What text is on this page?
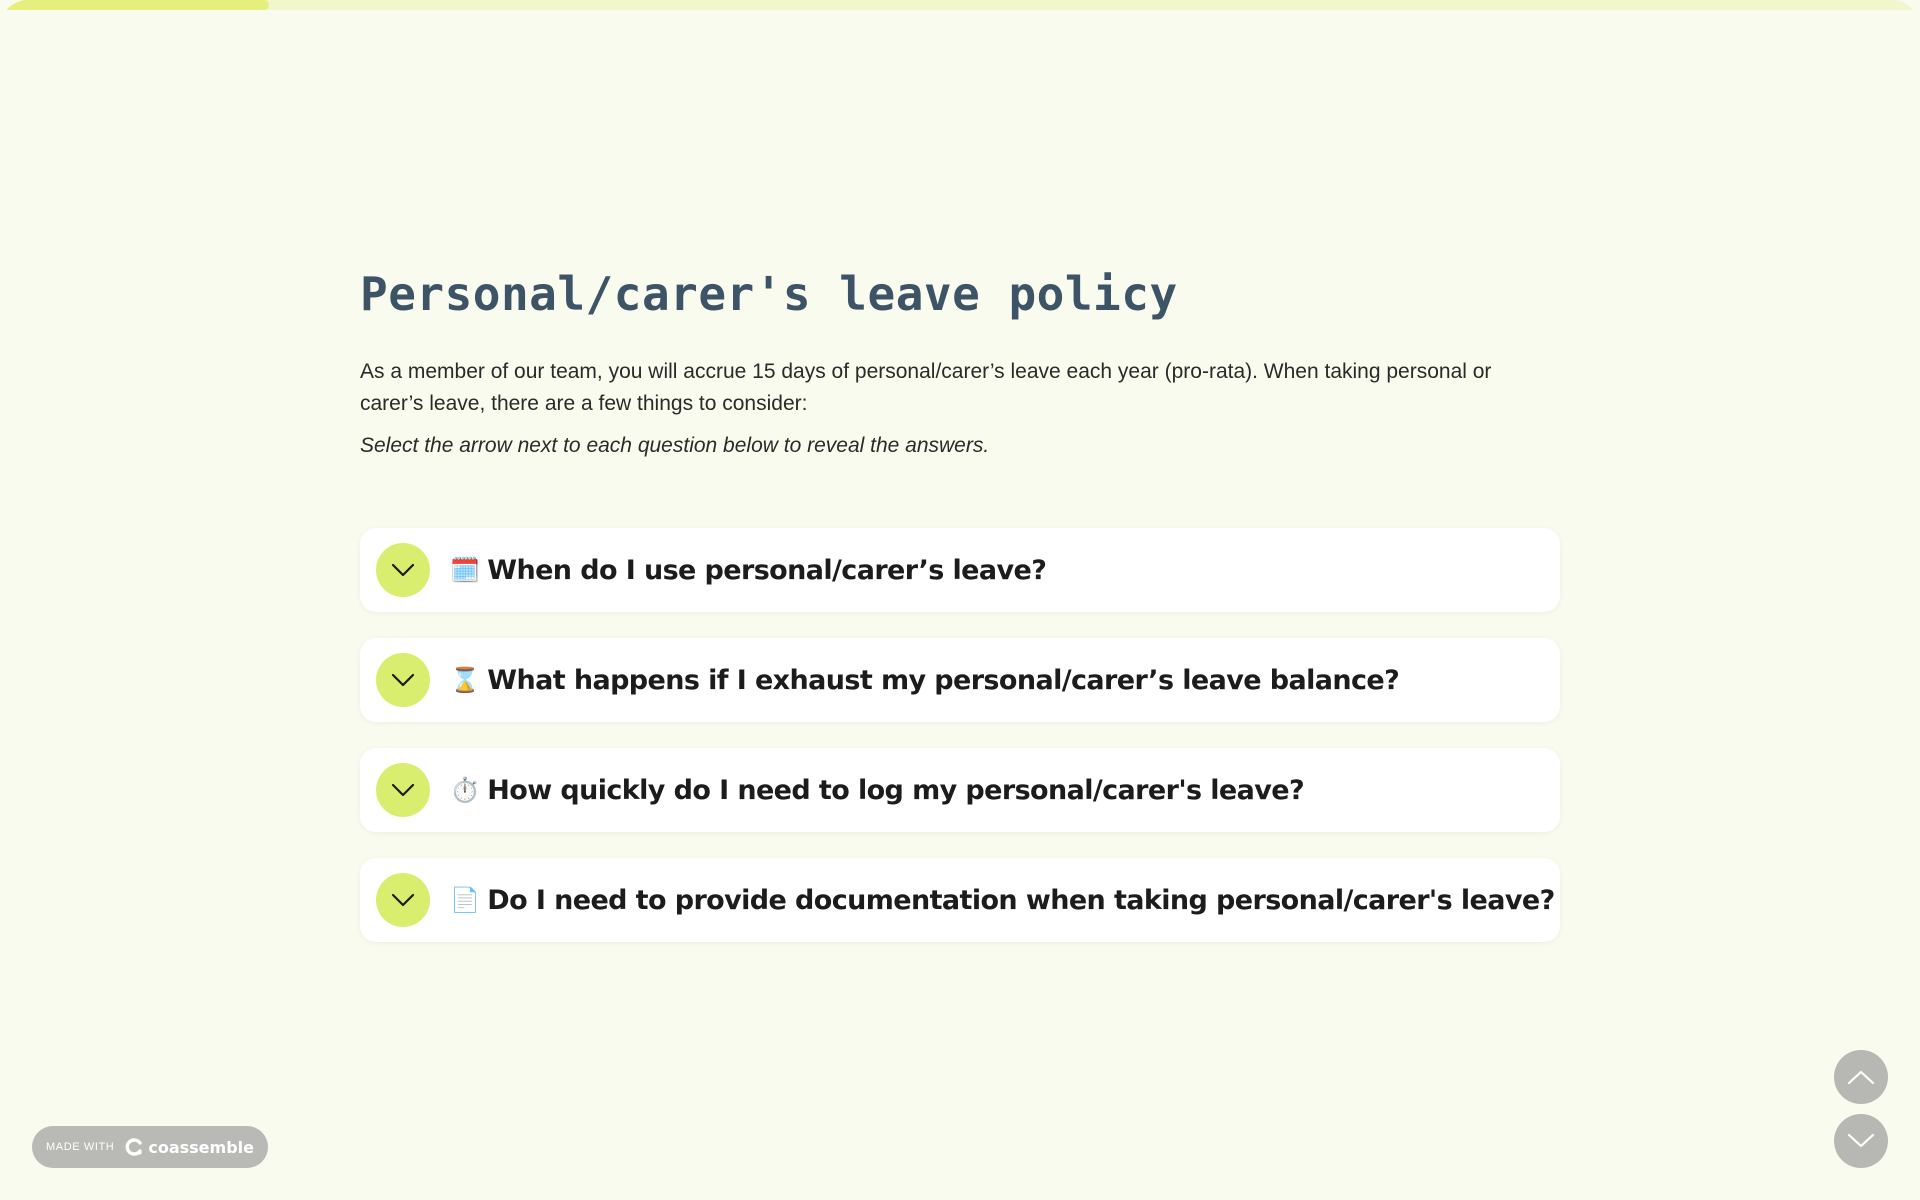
Personal/carer's leave policy

As a member of our team, you will accrue 15 days of personal/carer’s leave each year (pro-rata). When taking personal or carer’s leave, there are a few things to consider:

Select the arrow next to each question below to reveal the answers.

🗓️ When do I use personal/carer’s leave?
⌛ What happens if I exhaust my personal/carer’s leave balance?
⏱️ How quickly do I need to log my personal/carer's leave?
📄 Do I need to provide documentation when taking personal/carer's leave?
MADE WITH coassemble
